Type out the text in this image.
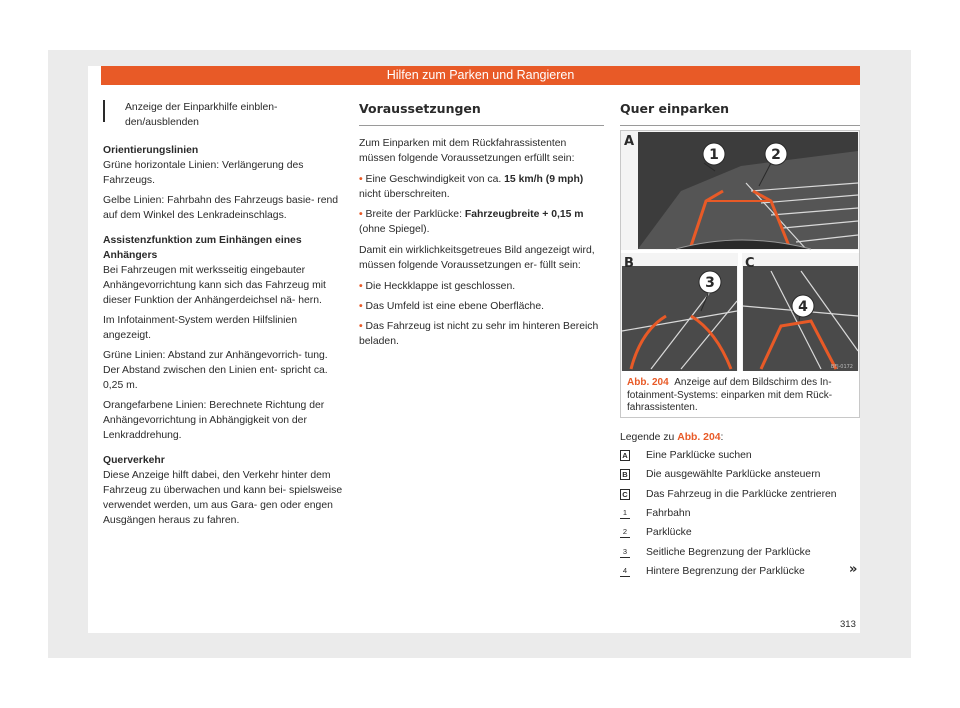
Hilfen zum Parken und Rangieren

Anzeige der Einparkhilfe einblen- den/ausblenden

Orientierungslinien

Grüne horizontale Linien: Verlängerung des Fahrzeugs.

Gelbe Linien: Fahrbahn des Fahrzeugs basie- rend auf dem Winkel des Lenkradeinschlags.

Assistenzfunktion zum Einhängen eines Anhängers

Bei Fahrzeugen mit werksseitig eingebauter Anhängevorrichtung kann sich das Fahrzeug mit dieser Funktion der Anhängerdeichsel nä- hern.

Im Infotainment-System werden Hilfslinien angezeigt.

Grüne Linien: Abstand zur Anhängevorrich- tung. Der Abstand zwischen den Linien ent- spricht ca. 0,25 m.

Orangefarbene Linien: Berechnete Richtung der Anhängevorrichtung in Abhängigkeit von der Lenkraddrehung.

Querverkehr

Diese Anzeige hilft dabei, den Verkehr hinter dem Fahrzeug zu überwachen und kann bei- spielsweise verwendet werden, um aus Gara- gen oder engen Ausgängen heraus zu fahren.

Voraussetzungen

Zum Einparken mit dem Rückfahrassistenten müssen folgende Voraussetzungen erfüllt sein:

• Eine Geschwindigkeit von ca. 15 km/h (9 mph) nicht überschreiten.

• Breite der Parklücke: Fahrzeugbreite + 0,15 m (ohne Spiegel).

Damit ein wirklichkeitsgetreues Bild angezeigt wird, müssen folgende Voraussetzungen er- füllt sein:

• Die Heckklappe ist geschlossen.

• Das Umfeld ist eine ebene Oberfläche.

• Das Fahrzeug ist nicht zu sehr im hinteren Bereich beladen.

Quer einparken
1	2
A
3
B
4
C
BFJ-0172
Abb. 204 Anzeige auf dem Bildschirm des In- fotainment-Systems: einparken mit dem Rück- fahrassistenten.
Legende zu Abb. 204:
A Eine Parklücke suchen
B Die ausgewählte Parklücke ansteuern
C Das Fahrzeug in die Parklücke zentrieren
1 Fahrbahn
2 Parklücke
3 Seitliche Begrenzung der Parklücke
4 Hintere Begrenzung der Parklücke	»
313
